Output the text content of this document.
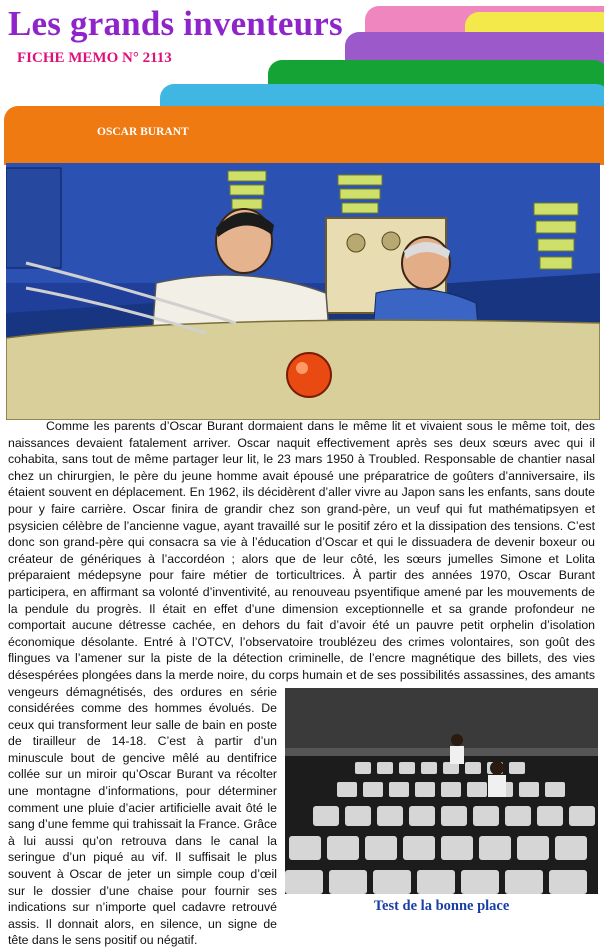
Les grands inventeurs

FICHE MEMO N° 2113

OSCAR BURANT

Comme les parents d’Oscar Burant dormaient dans le même lit et vivaient sous le même toit, des naissances devaient fatalement arriver. Oscar naquit effectivement après ses deux sœurs avec qui il cohabita, sans tout de même partager leur lit, le 23 mars 1950 à Troubled. Responsable de chantier nasal chez un chirurgien, le père du jeune homme avait épousé une préparatrice de goûters d’anniversaire, ils étaient souvent en déplacement. En 1962, ils décidèrent d’aller vivre au Japon sans les enfants, sans doute pour y faire carrière. Oscar finira de grandir chez son grand-père, un veuf qui fut mathématipsyen et psysicien célèbre de l’ancienne vague, ayant travaillé sur le positif zéro et la dissipation des tensions. C’est donc son grand-père qui consacra sa vie à l’éducation d’Oscar et qui le dissuadera de devenir boxeur ou créateur de génériques à l’accordéon ; alors que de leur côté, les sœurs jumelles Simone et Lolita préparaient médepsyne pour faire métier de torticultrices. À partir des années 1970, Oscar Burant participera, en affirmant sa volonté d’inventivité, au renouveau psyentifique amené par les mouvements de la pendule du progrès. Il était en effet d’une dimension exceptionnelle et sa grande profondeur ne comportait aucune détresse cachée, en dehors du fait d’avoir été un pauvre petit orphelin d’isolation économique désolante. Entré à l’OTCV, l’observatoire troublézeu des crimes volontaires, son goût des flingues va l’amener sur la piste de la détection criminelle, de l’encre magnétique des billets, des vies désespérées plongées dans la merde noire, du corps humain et de ses possibilités assassines, des amants vengeurs démagnétisés, des ordures en série considérées comme des hommes évolués. De ceux qui transforment leur salle de bain en poste de tirailleur de 14-18. C’est à partir d’un minuscule bout de gencive mêlé au dentifrice collée sur un miroir qu’Oscar Burant va récolter une montagne d’informations, pour déterminer comment une pluie d’acier artificielle avait ôté le sang d’une femme qui trahissait la France. Grâce à lui aussi qu’on retrouva dans le canal la seringue d’un piqué au vif. Il suffisait le plus souvent à Oscar de jeter un simple coup d’œil sur le dossier d’une chaise pour fournir ses indications sur n’importe quel cadavre retrouvé assis. Il donnait alors, en silence, un signe de tête dans le sens positif ou négatif.

Test de la bonne place
